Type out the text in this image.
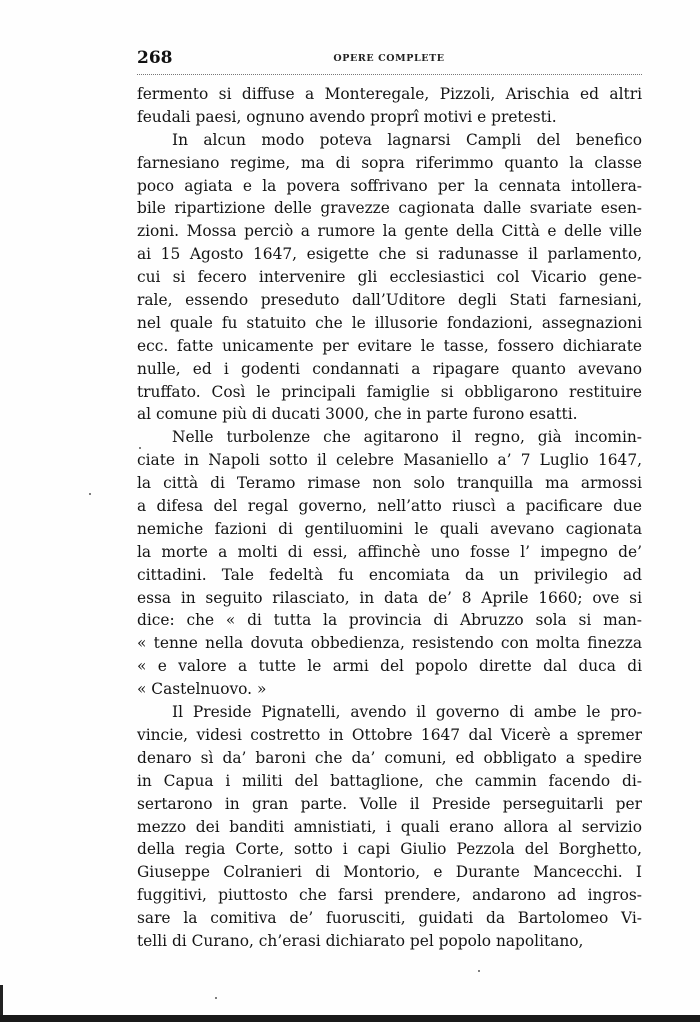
268	OPERE COMPLETE
fermento si diffuse a Monteregale, Pizzoli, Arischia ed altri
feudali paesi, ognuno avendo proprî motivi e pretesti.
In alcun modo poteva lagnarsi Campli del benefico
farnesiano regime, ma di sopra riferimmo quanto la classe
poco agiata e la povera soffrivano per la cennata intollera-
bile ripartizione delle gravezze cagionata dalle svariate esen-
zioni. Mossa perciò a rumore la gente della Città e delle ville
ai 15 Agosto 1647, esigette che si radunasse il parlamento,
cui si fecero intervenire gli ecclesiastici col Vicario gene-
rale, essendo preseduto dall’Uditore degli Stati farnesiani,
nel quale fu statuito che le illusorie fondazioni, assegnazioni
ecc. fatte unicamente per evitare le tasse, fossero dichiarate
nulle, ed i godenti condannati a ripagare quanto avevano
truffato. Così le principali famiglie si obbligarono restituire
al comune più di ducati 3000, che in parte furono esatti.
Nelle turbolenze che agitarono il regno, già incomin-
ciate in Napoli sotto il celebre Masaniello a’ 7 Luglio 1647,
la città di Teramo rimase non solo tranquilla ma armossi
a difesa del regal governo, nell’atto riuscì a pacificare due
nemiche fazioni di gentiluomini le quali avevano cagionata
la morte a molti di essi, affinchè uno fosse l’ impegno de’
cittadini. Tale fedeltà fu encomiata da un privilegio ad
essa in seguito rilasciato, in data de’ 8 Aprile 1660; ove si
dice: che « di tutta la provincia di Abruzzo sola si man-
« tenne nella dovuta obbedienza, resistendo con molta finezza
« e valore a tutte le armi del popolo dirette dal duca di
« Castelnuovo. »
Il Preside Pignatelli, avendo il governo di ambe le pro-
vincie, videsi costretto in Ottobre 1647 dal Vicerè a spremer
denaro sì da’ baroni che da’ comuni, ed obbligato a spedire
in Capua i militi del battaglione, che cammin facendo di-
sertarono in gran parte. Volle il Preside perseguitarli per
mezzo dei banditi amnistiati, i quali erano allora al servizio
della regia Corte, sotto i capi Giulio Pezzola del Borghetto,
Giuseppe Colranieri di Montorio, e Durante Mancecchi. I
fuggitivi, piuttosto che farsi prendere, andarono ad ingros-
sare la comitiva de’ fuorusciti, guidati da Bartolomeo Vi-
telli di Curano, ch’erasi dichiarato pel popolo napolitano,
